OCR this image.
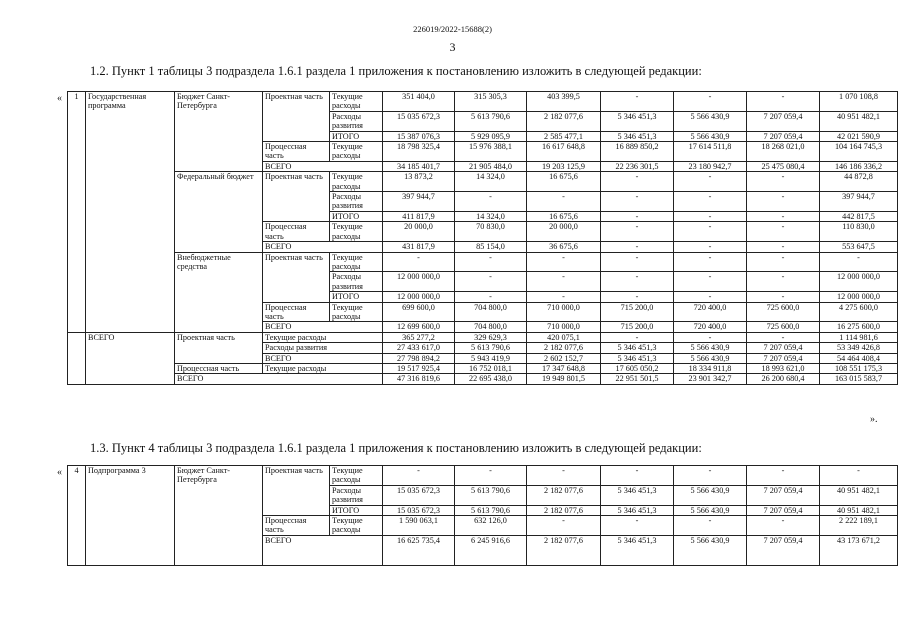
226019/2022-15688(2)
3
1.2. Пункт 1 таблицы 3 подраздела 1.6.1 раздела 1 приложения к постановлению изложить в следующей редакции:
«
».
1	Государственная программа	Бюджет Санкт-Петербурга	Проектная часть	Текущие расходы	351 404,0	315 305,3	403 399,5	-	-	-	1 070 108,8
				Расходы развития	15 035 672,3	5 613 790,6	2 182 077,6	5 346 451,3	5 566 430,9	7 207 059,4	40 951 482,1
				ИТОГО	15 387 076,3	5 929 095,9	2 585 477,1	5 346 451,3	5 566 430,9	7 207 059,4	42 021 590,9
			Процессная часть	Текущие расходы	18 798 325,4	15 976 388,1	16 617 648,8	16 889 850,2	17 614 511,8	18 268 021,0	104 164 745,3
			ВСЕГО		34 185 401,7	21 905 484,0	19 203 125,9	22 236 301,5	23 180 942,7	25 475 080,4	146 186 336,2
		Федеральный бюджет	Проектная часть	Текущие расходы	13 873,2	14 324,0	16 675,6	-	-	-	44 872,8
				Расходы развития	397 944,7	-	-	-	-	-	397 944,7
				ИТОГО	411 817,9	14 324,0	16 675,6	-	-	-	442 817,5
			Процессная часть	Текущие расходы	20 000,0	70 830,0	20 000,0	-	-	-	110 830,0
			ВСЕГО		431 817,9	85 154,0	36 675,6	-	-	-	553 647,5
		Внебюджетные средства	Проектная часть	Текущие расходы	-	-	-	-	-	-	-
				Расходы развития	12 000 000,0	-	-	-	-	-	12 000 000,0
				ИТОГО	12 000 000,0	-	-	-	-	-	12 000 000,0
			Процессная часть	Текущие расходы	699 600,0	704 800,0	710 000,0	715 200,0	720 400,0	725 600,0	4 275 600,0
			ВСЕГО		12 699 600,0	704 800,0	710 000,0	715 200,0	720 400,0	725 600,0	16 275 600,0
	ВСЕГО	Проектная часть	Текущие расходы		365 277,2	329 629,3	420 075,1	-	-	-	1 114 981,6
			Расходы развития		27 433 617,0	5 613 790,6	2 182 077,6	5 346 451,3	5 566 430,9	7 207 059,4	53 349 426,8
			ВСЕГО		27 798 894,2	5 943 419,9	2 602 152,7	5 346 451,3	5 566 430,9	7 207 059,4	54 464 408,4
		Процессная часть	Текущие расходы		19 517 925,4	16 752 018,1	17 347 648,8	17 605 050,2	18 334 911,8	18 993 621,0	108 551 175,3
		ВСЕГО			47 316 819,6	22 695 438,0	19 949 801,5	22 951 501,5	23 901 342,7	26 200 680,4	163 015 583,7
1.3. Пункт 4 таблицы 3 подраздела 1.6.1 раздела 1 приложения к постановлению изложить в следующей редакции:
« 4	Подпрограмма 3	Бюджет Санкт-Петербурга	Проектная часть	Текущие расходы	-	-	-	-	-	-	-
				Расходы развития	15 035 672,3	5 613 790,6	2 182 077,6	5 346 451,3	5 566 430,9	7 207 059,4	40 951 482,1
				ИТОГО	15 035 672,3	5 613 790,6	2 182 077,6	5 346 451,3	5 566 430,9	7 207 059,4	40 951 482,1
			Процессная часть	Текущие расходы	1 590 063,1	632 126,0	-	-	-	-	2 222 189,1
			ВСЕГО		16 625 735,4	6 245 916,6	2 182 077,6	5 346 451,3	5 566 430,9	7 207 059,4	43 173 671,2
